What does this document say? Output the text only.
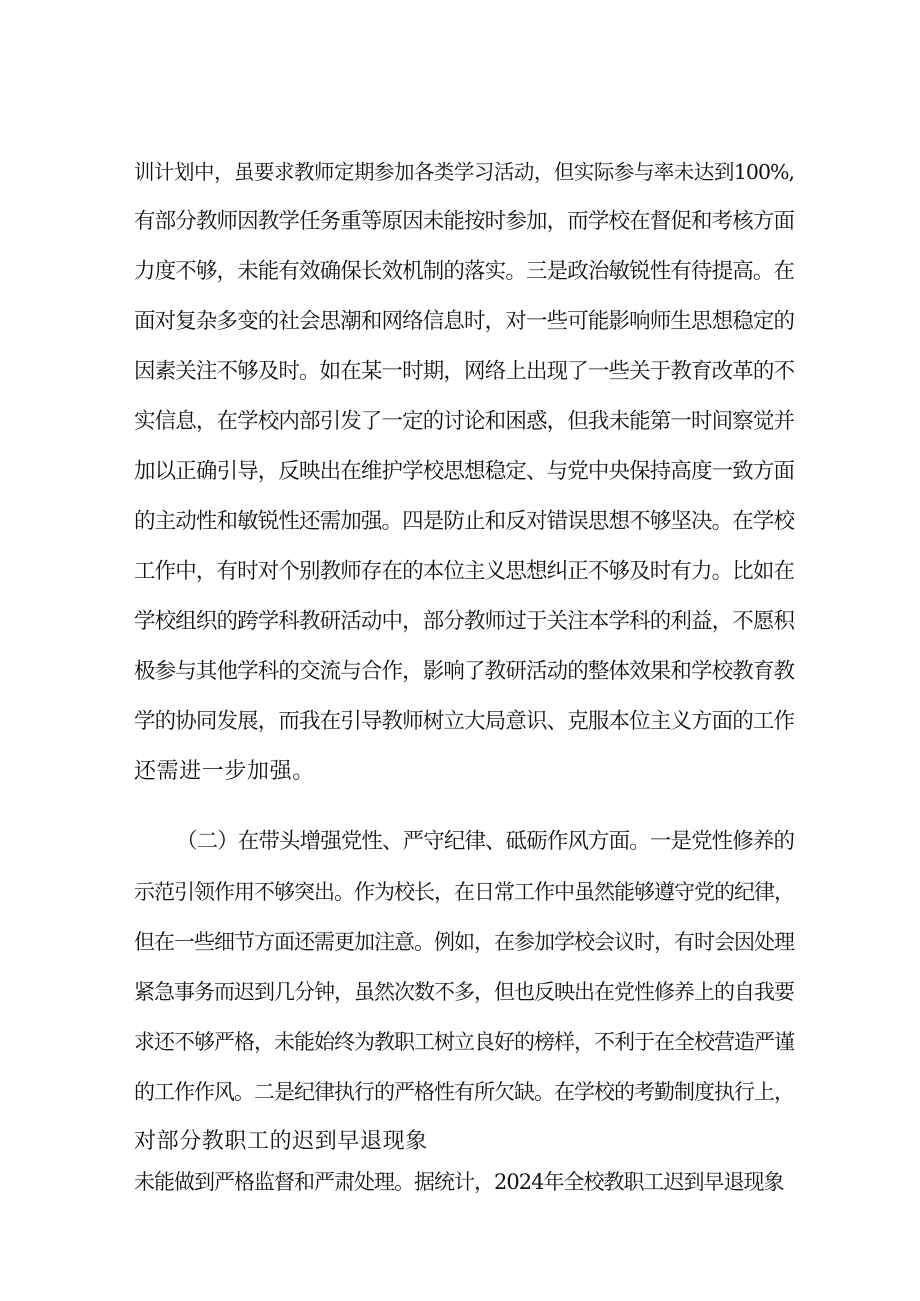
训计划中，虽要求教师定期参加各类学习活动，但实际参与率未达到100%,
有部分教师因教学任务重等原因未能按时参加，而学校在督促和考核方面
力度不够，未能有效确保长效机制的落实。三是政治敏锐性有待提高。在
面对复杂多变的社会思潮和网络信息时，对一些可能影响师生思想稳定的
因素关注不够及时。如在某一时期，网络上出现了一些关于教育改革的不
实信息，在学校内部引发了一定的讨论和困惑，但我未能第一时间察觉并
加以正确引导，反映出在维护学校思想稳定、与党中央保持高度一致方面
的主动性和敏锐性还需加强。四是防止和反对错误思想不够坚决。在学校
工作中，有时对个别教师存在的本位主义思想纠正不够及时有力。比如在
学校组织的跨学科教研活动中，部分教师过于关注本学科的利益，不愿积
极参与其他学科的交流与合作，影响了教研活动的整体效果和学校教育教
学的协同发展，而我在引导教师树立大局意识、克服本位主义方面的工作
还需进一步加强。
（二）在带头增强党性、严守纪律、砥砺作风方面。一是党性修养的
示范引领作用不够突出。作为校长，在日常工作中虽然能够遵守党的纪律，
但在一些细节方面还需更加注意。例如，在参加学校会议时，有时会因处理
紧急事务而迟到几分钟，虽然次数不多，但也反映出在党性修养上的自我要
求还不够严格，未能始终为教职工树立良好的榜样，不利于在全校营造严谨
的工作作风。二是纪律执行的严格性有所欠缺。在学校的考勤制度执行上，
对部分教职工的迟到早退现象
未能做到严格监督和严肃处理。据统计，2024年全校教职工迟到早退现象
